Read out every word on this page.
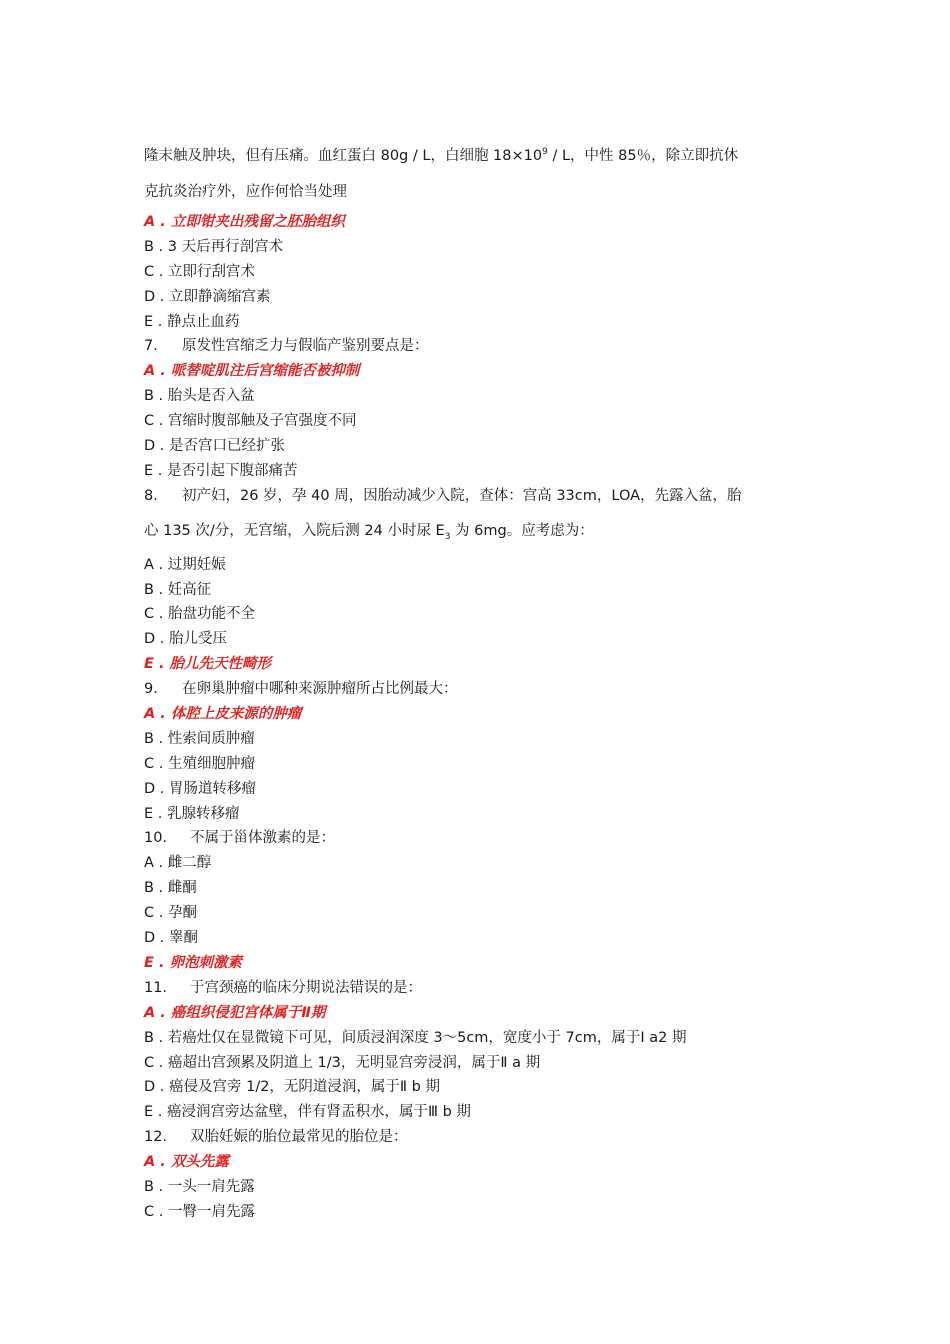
隆末触及肿块，但有压痛。血红蛋白 80g / L，白细胞 $18\times 10^9 / L$，中性 85％，除立即抗休
克抗炎治疗外，应作何恰当处理
A . 立即钳夹出残留之胚胎组织
B . 3 天后再行剖宫术
C . 立即行刮宫术
D . 立即静滴缩宫素
E . 静点止血药
7． 原发性宫缩乏力与假临产鉴别要点是：
A . 哌替啶肌注后宫缩能否被抑制
B . 胎头是否入盆
C . 宫缩时腹部触及子宫强度不同
D . 是否宫口已经扩张
E . 是否引起下腹部痛苦
8． 初产妇，26 岁，孕 40 周，因胎动减少入院，查体：宫高 33cm，LOA，先露入盆，胎
心 135 次/分，无宫缩，入院后测 24 小时尿 $E_3$ 为 6mg。应考虑为：
A . 过期妊娠
B . 妊高征
C . 胎盘功能不全
D . 胎儿受压
E . 胎儿先天性畸形
9． 在卵巢肿瘤中哪种来源肿瘤所占比例最大：
A . 体腔上皮来源的肿瘤
B . 性索间质肿瘤
C . 生殖细胞肿瘤
D . 胃肠道转移瘤
E . 乳腺转移瘤
10． 不属于甾体激素的是：
A . 雌二醇
B . 雌酮
C . 孕酮
D . 睾酮
E . 卵泡刺激素
11． 于宫颈癌的临床分期说法错误的是：
A . 癌组织侵犯宫体属于Ⅱ期
B . 若癌灶仅在显微镜下可见，间质浸润深度 3～5cm，宽度小于 7cm，属于Ⅰ a2 期
C . 癌超出宫颈累及阴道上 1/3，无明显宫旁浸润，属于Ⅱ a 期
D . 癌侵及宫旁 1/2，无阴道浸润，属于Ⅱ b 期
E . 癌浸润宫旁达盆壁，伴有肾盂积水，属于Ⅲ b 期
12． 双胎妊娠的胎位最常见的胎位是：
A . 双头先露
B . 一头一肩先露
C . 一臀一肩先露
